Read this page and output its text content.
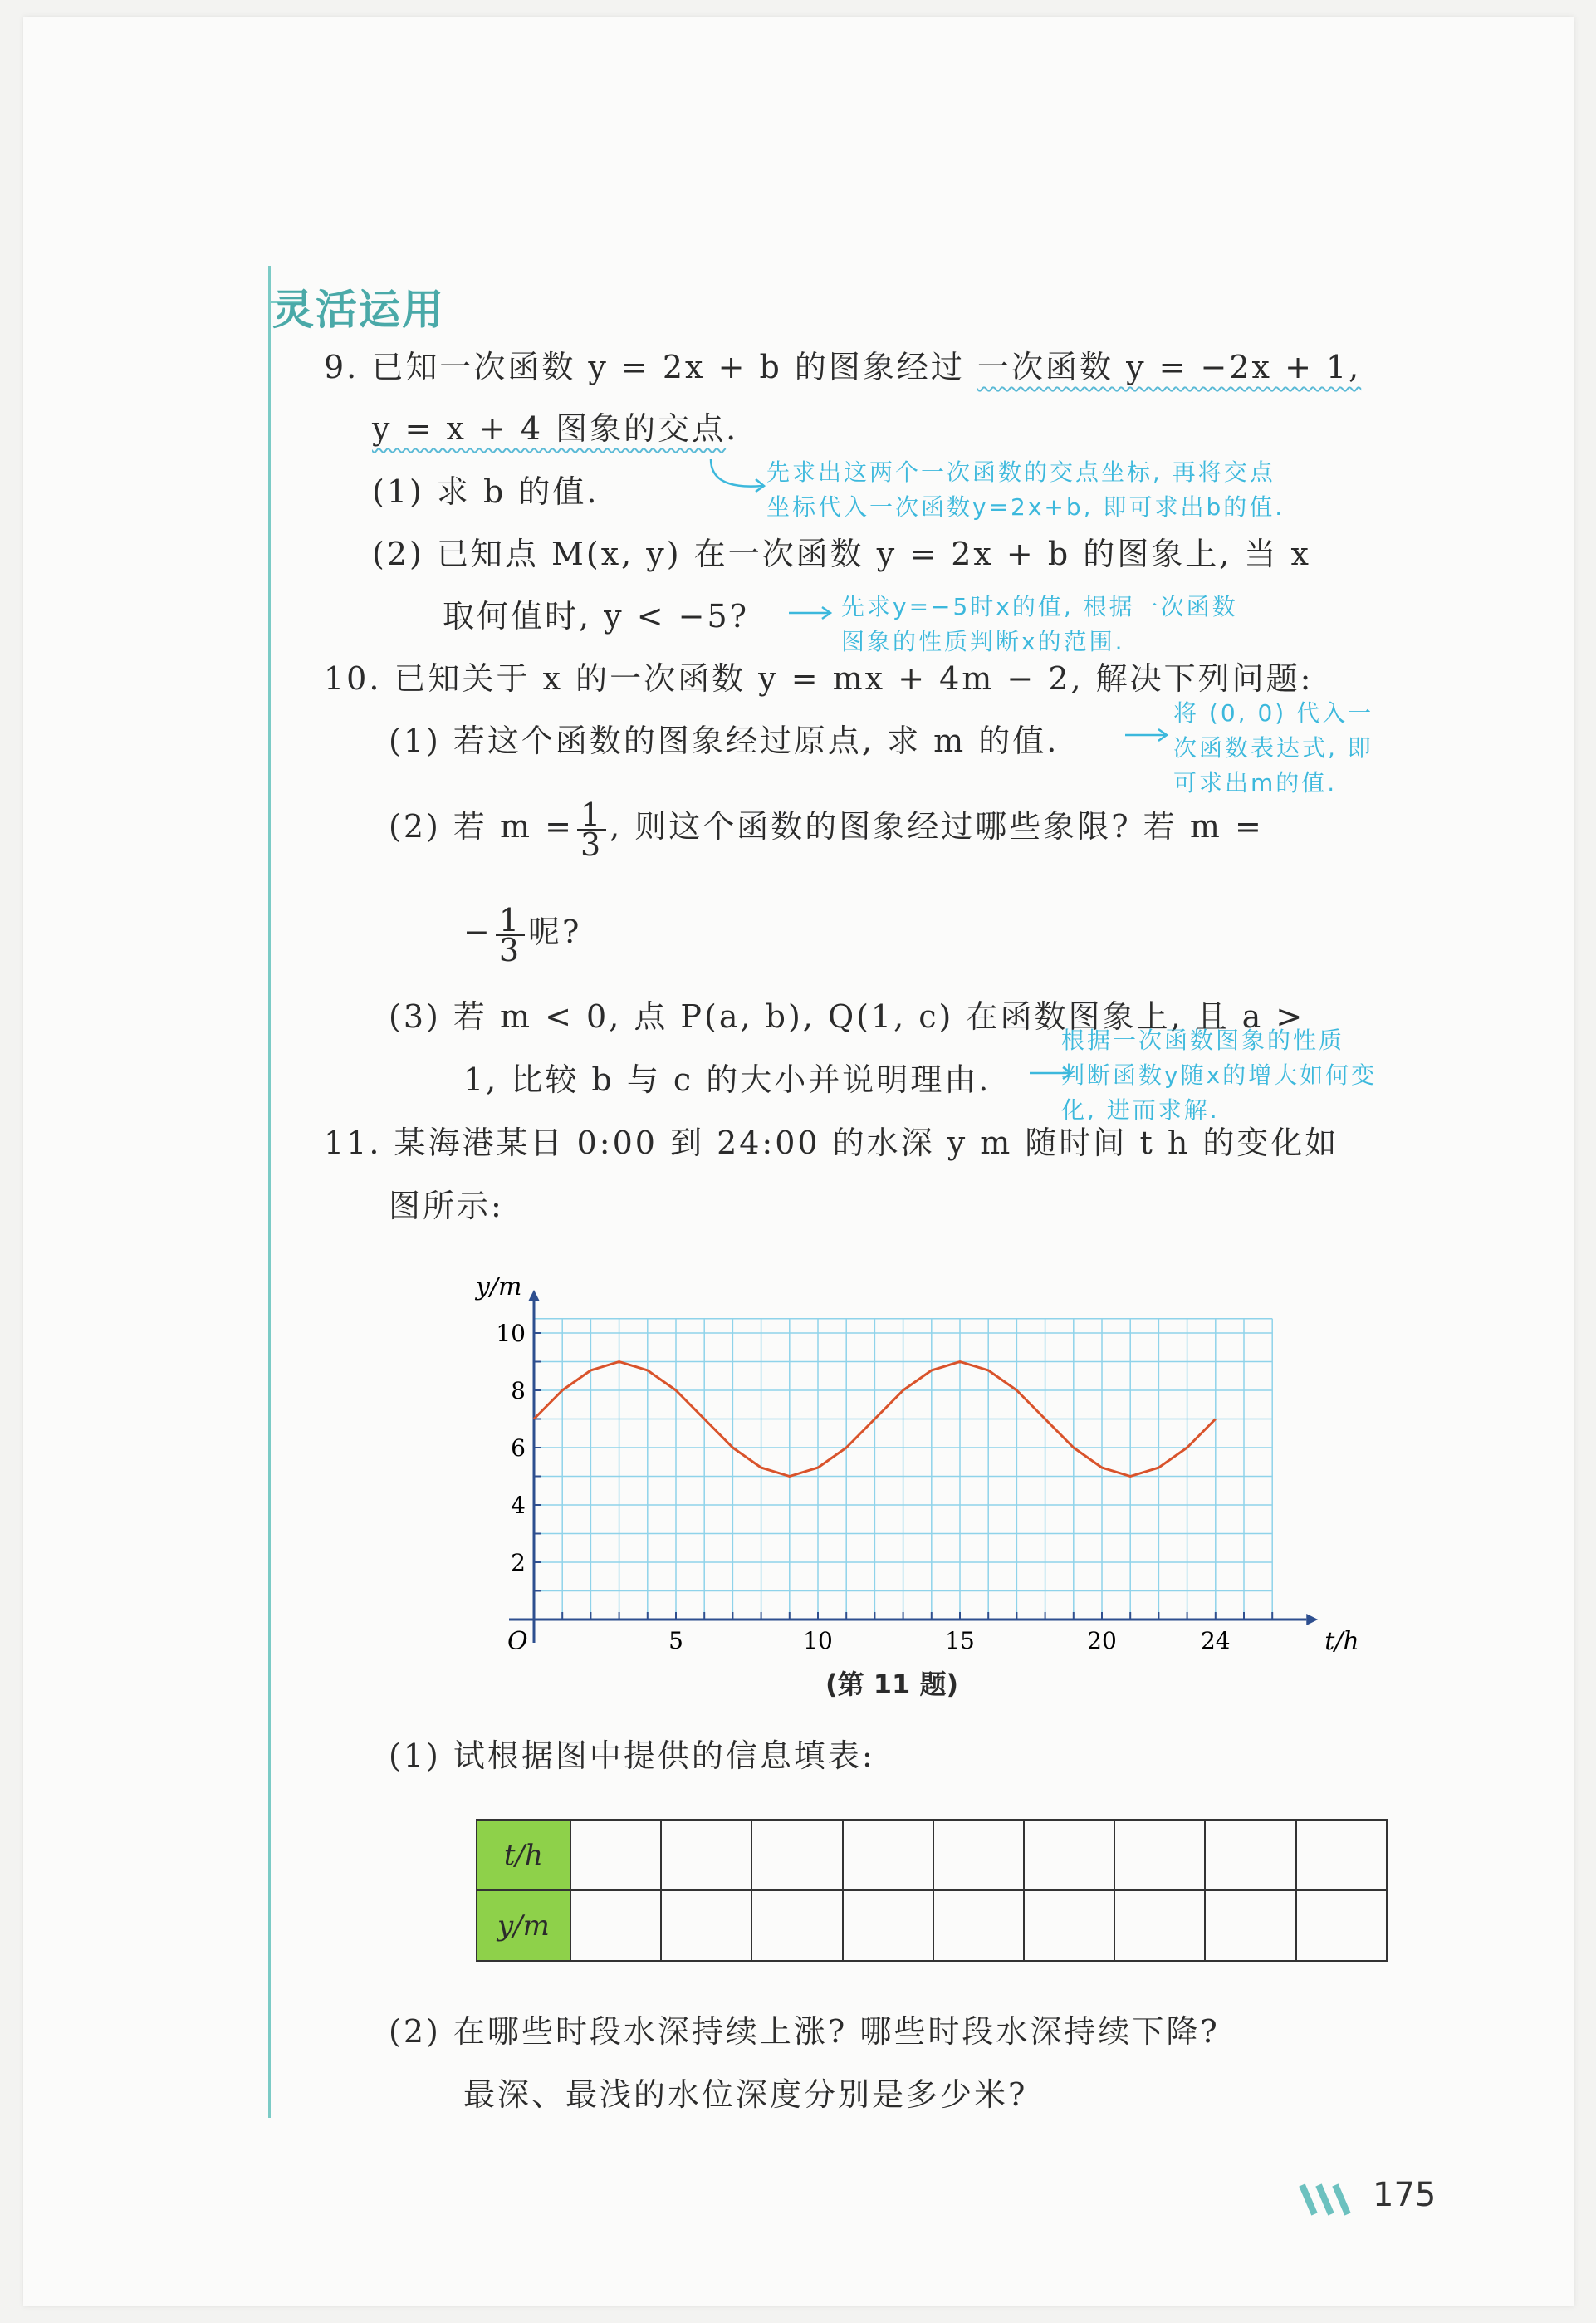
灵活运用
9. 已知一次函数 y = 2x + b 的图象经过 一次函数 y = −2x + 1,
y = x + 4 图象的交点.
(1) 求 b 的值.
(2) 已知点 M(x, y) 在一次函数 y = 2x + b 的图象上, 当 x
取何值时, y < −5?
先求出这两个一次函数的交点坐标, 再将交点
坐标代入一次函数y=2x+b, 即可求出b的值.
先求y=−5时x的值, 根据一次函数
图象的性质判断x的范围.
10. 已知关于 x 的一次函数 y = mx + 4m − 2, 解决下列问题:
(1) 若这个函数的图象经过原点, 求 m 的值.
将 (0, 0) 代入一
次函数表达式, 即
可求出m的值.
(2) 若 $m = \frac{1}{3}$ , 则这个函数的图象经过哪些象限? 若 m =
− $\frac{1}{3}$ 呢?
(3) 若 m < 0, 点 P(a, b), Q(1, c) 在函数图象上, 且 a >
1, 比较 b 与 c 的大小并说明理由.
根据一次函数图象的性质
判断函数y随x的增大如何变
化, 进而求解.
11. 某海港某日 0:00 到 24:00 的水深 y m 随时间 t h 的变化如
图所示:
5	10	15	20	24
2
4
6
8
10
y/m
t/h
O
(第 11 题)
(1) 试根据图中提供的信息填表:
t/h									
y/m									
(2) 在哪些时段水深持续上涨? 哪些时段水深持续下降?
最深、最浅的水位深度分别是多少米?
175
